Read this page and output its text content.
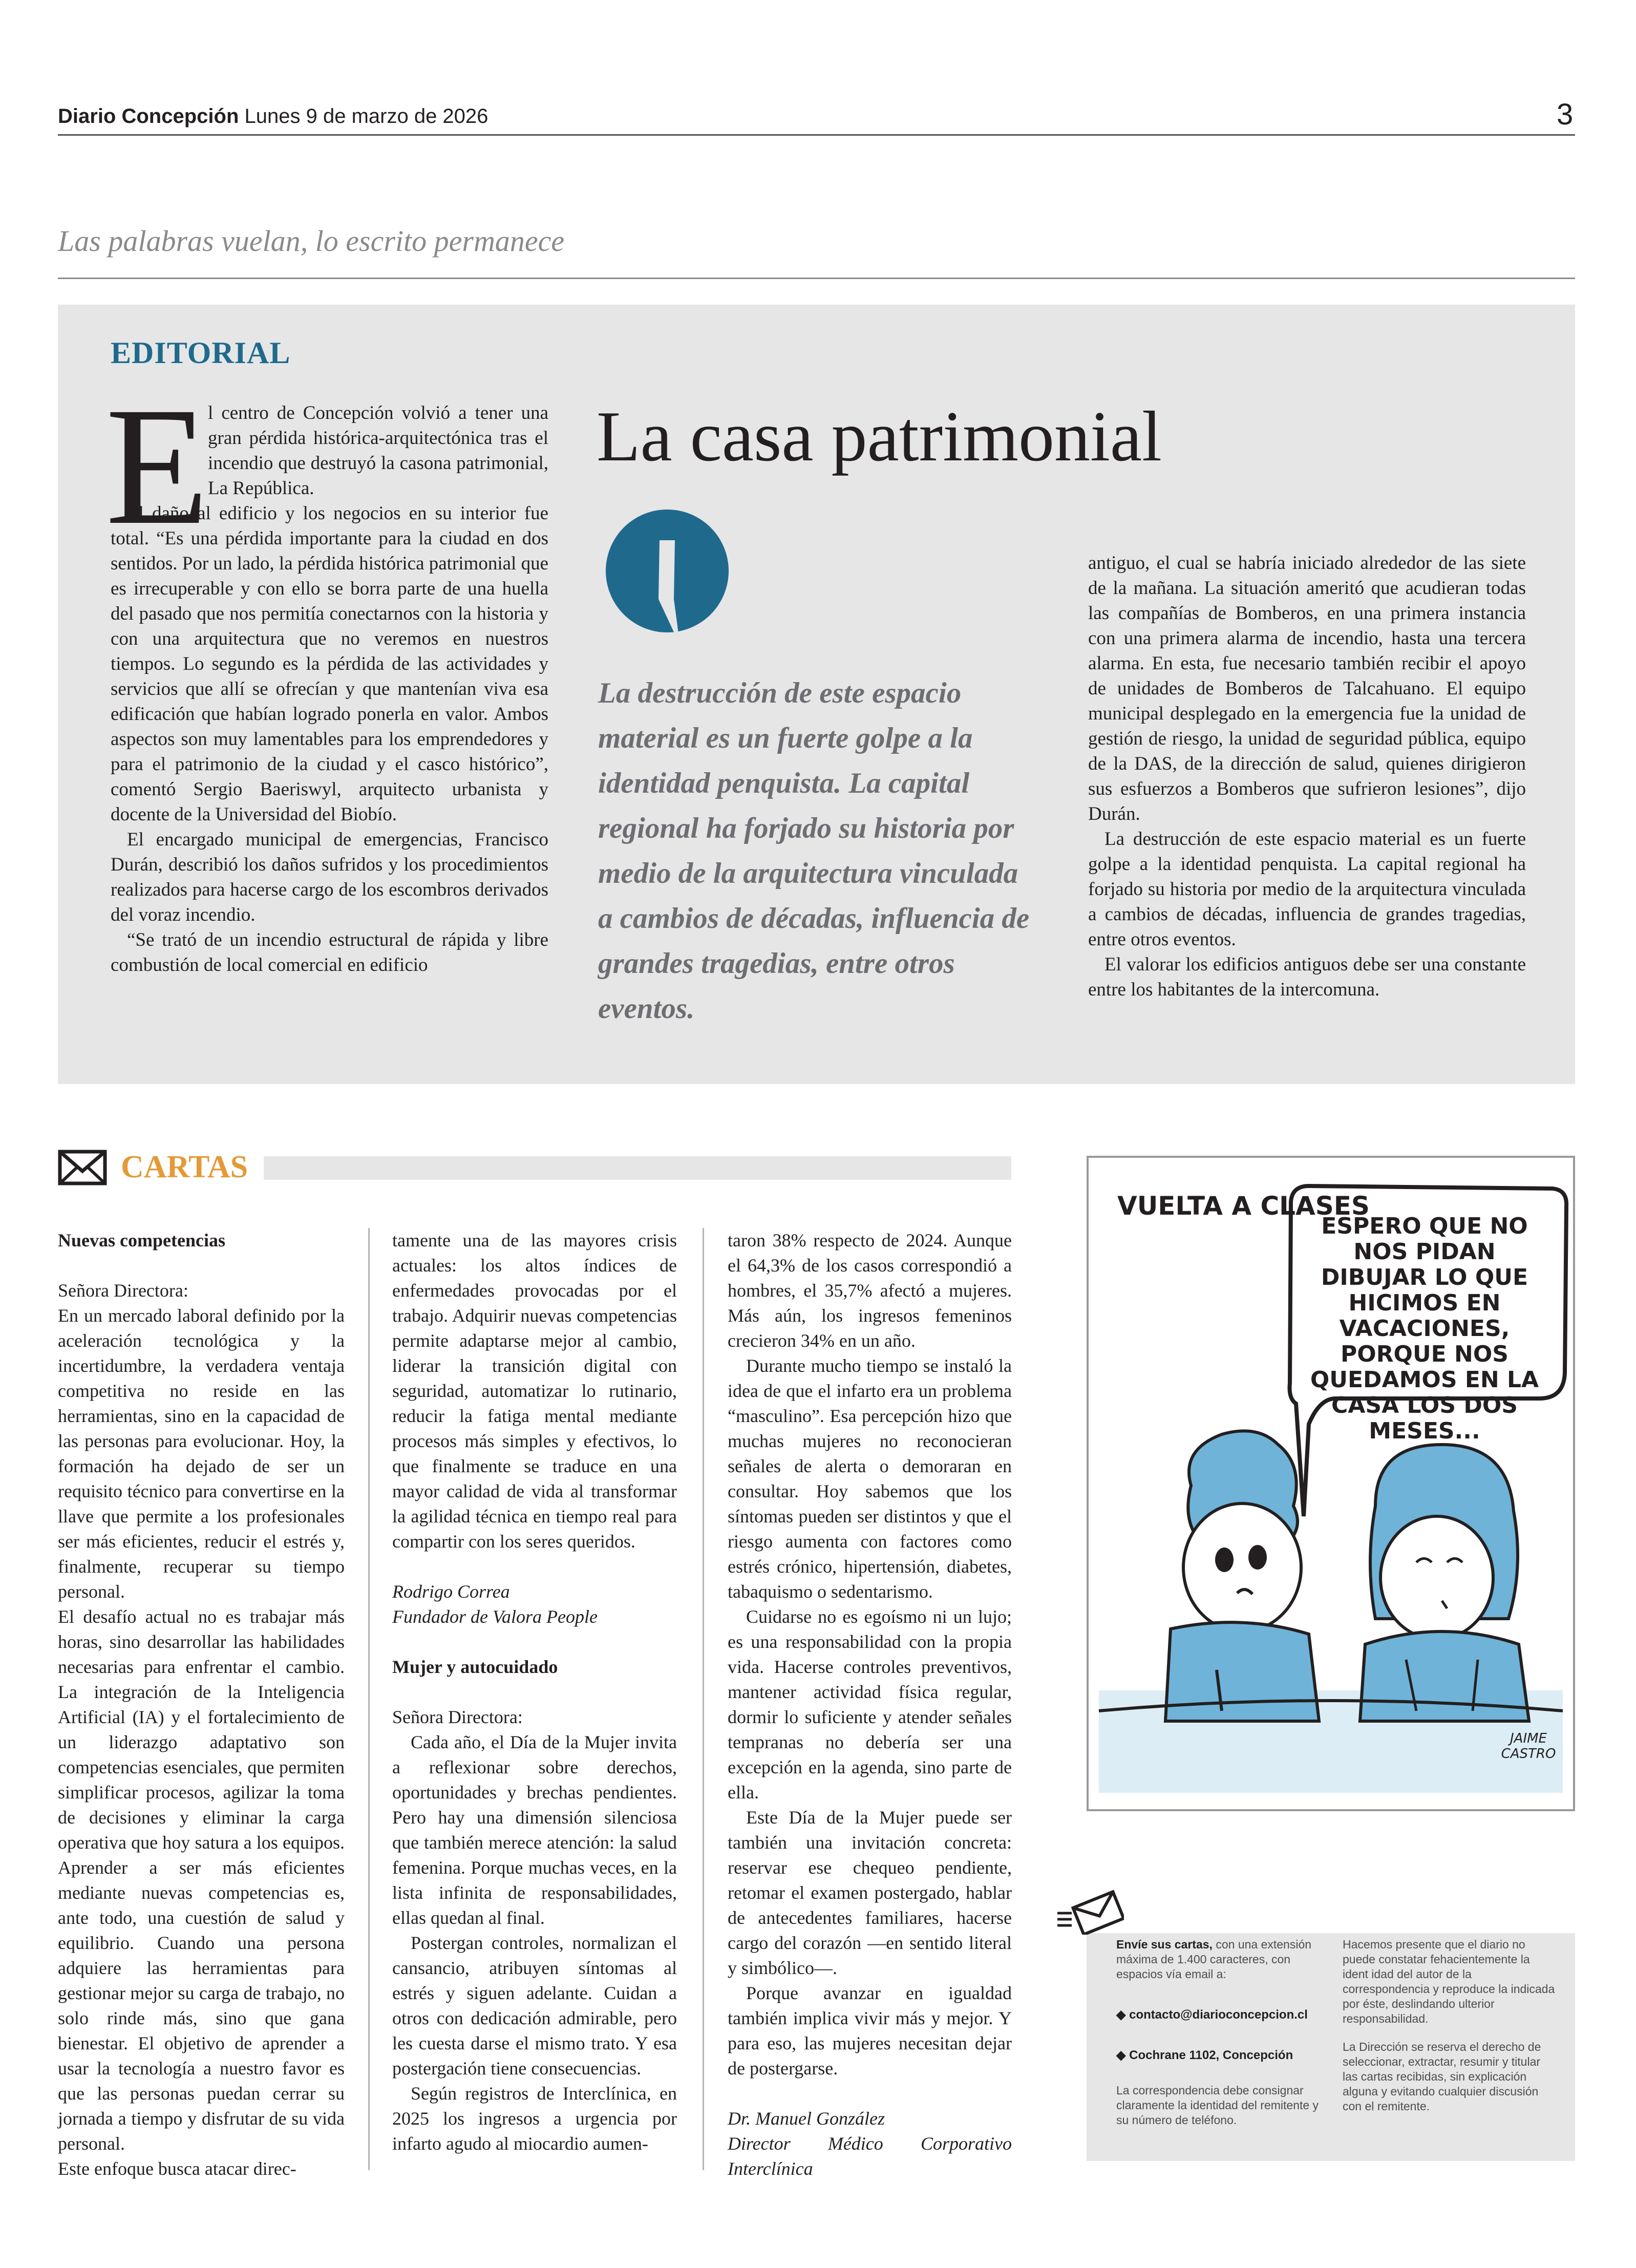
Diario Concepción Lunes 9 de marzo de 2026	3
Las palabras vuelan, lo escrito permanece
EDITORIAL
E

l centro de Concepción volvió a tener una gran pérdida histórica-arquitectónica tras el incendio que destruyó la casona patrimonial, La República.

El daño al edificio y los negocios en su interior fue total. “Es una pérdida importante para la ciudad en dos sentidos. Por un lado, la pérdida histórica patrimonial que es irrecuperable y con ello se borra parte de una huella del pasado que nos permitía conectarnos con la historia y con una arquitectura que no veremos en nuestros tiempos. Lo segundo es la pérdida de las actividades y servicios que allí se ofrecían y que mantenían viva esa edificación que habían logrado ponerla en valor. Ambos aspectos son muy lamentables para los emprendedores y para el patrimonio de la ciudad y el casco histórico”, comentó Sergio Baeriswyl, arquitecto urbanista y docente de la Universidad del Biobío.

El encargado municipal de emergencias, Francisco Durán, describió los daños sufridos y los procedimientos realizados para hacerse cargo de los escombros derivados del voraz incendio.

“Se trató de un incendio estructural de rápida y libre combustión de local comercial en edificio

La casa patrimonial
La destrucción de este espacio material es un fuerte golpe a la identidad penquista. La capital regional ha forjado su historia por medio de la arquitectura vinculada a cambios de décadas, influencia de grandes tragedias, entre otros eventos.

antiguo, el cual se habría iniciado alrededor de las siete de la mañana. La situación ameritó que acudieran todas las compañías de Bomberos, en una primera instancia con una primera alarma de incendio, hasta una tercera alarma. En esta, fue necesario también recibir el apoyo de unidades de Bomberos de Talcahuano. El equipo municipal desplegado en la emergencia fue la unidad de gestión de riesgo, la unidad de seguridad pública, equipo de la DAS, de la dirección de salud, quienes dirigieron sus esfuerzos a Bomberos que sufrieron lesiones”, dijo Durán.

La destrucción de este espacio material es un fuerte golpe a la identidad penquista. La capital regional ha forjado su historia por medio de la arquitectura vinculada a cambios de décadas, influencia de grandes tragedias, entre otros eventos.

El valorar los edificios antiguos debe ser una constante entre los habitantes de la intercomuna.

CARTAS

Nuevas competencias

Señora Directora:

En un mercado laboral definido por la aceleración tecnológica y la incertidumbre, la verdadera ventaja competitiva no reside en las herramientas, sino en la capacidad de las personas para evolucionar. Hoy, la formación ha dejado de ser un requisito técnico para convertirse en la llave que permite a los profesionales ser más eficientes, reducir el estrés y, finalmente, recuperar su tiempo personal.

El desafío actual no es trabajar más horas, sino desarrollar las habilidades necesarias para enfrentar el cambio. La integración de la Inteligencia Artificial (IA) y el fortalecimiento de un liderazgo adaptativo son competencias esenciales, que permiten simplificar procesos, agilizar la toma de decisiones y eliminar la carga operativa que hoy satura a los equipos. Aprender a ser más eficientes mediante nuevas competencias es, ante todo, una cuestión de salud y equilibrio. Cuando una persona adquiere las herramientas para gestionar mejor su carga de trabajo, no solo rinde más, sino que gana bienestar. El objetivo de aprender a usar la tecnología a nuestro favor es que las personas puedan cerrar su jornada a tiempo y disfrutar de su vida personal.

Este enfoque busca atacar direc-

tamente una de las mayores crisis actuales: los altos índices de enfermedades provocadas por el trabajo. Adquirir nuevas competencias permite adaptarse mejor al cambio, liderar la transición digital con seguridad, automatizar lo rutinario, reducir la fatiga mental mediante procesos más simples y efectivos, lo que finalmente se traduce en una mayor calidad de vida al transformar la agilidad técnica en tiempo real para compartir con los seres queridos.

Rodrigo Correa

Fundador de Valora People

Mujer y autocuidado

Señora Directora:

Cada año, el Día de la Mujer invita a reflexionar sobre derechos, oportunidades y brechas pendientes. Pero hay una dimensión silenciosa que también merece atención: la salud femenina. Porque muchas veces, en la lista infinita de responsabilidades, ellas quedan al final.

Postergan controles, normalizan el cansancio, atribuyen síntomas al estrés y siguen adelante. Cuidan a otros con dedicación admirable, pero les cuesta darse el mismo trato. Y esa postergación tiene consecuencias.

Según registros de Interclínica, en 2025 los ingresos a urgencia por infarto agudo al miocardio aumen-

taron 38% respecto de 2024. Aunque el 64,3% de los casos correspondió a hombres, el 35,7% afectó a mujeres. Más aún, los ingresos femeninos crecieron 34% en un año.

Durante mucho tiempo se instaló la idea de que el infarto era un problema “masculino”. Esa percepción hizo que muchas mujeres no reconocieran señales de alerta o demoraran en consultar. Hoy sabemos que los síntomas pueden ser distintos y que el riesgo aumenta con factores como estrés crónico, hipertensión, diabetes, tabaquismo o sedentarismo.

Cuidarse no es egoísmo ni un lujo; es una responsabilidad con la propia vida. Hacerse controles preventivos, mantener actividad física regular, dormir lo suficiente y atender señales tempranas no debería ser una excepción en la agenda, sino parte de ella.

Este Día de la Mujer puede ser también una invitación concreta: reservar ese chequeo pendiente, retomar el examen postergado, hablar de antecedentes familiares, hacerse cargo del corazón —en sentido literal y simbólico—.

Porque avanzar en igualdad también implica vivir más y mejor. Y para eso, las mujeres necesitan dejar de postergarse.

Dr. Manuel González

Director Médico Corporativo Interclínica

VUELTA A CLASES
ESPERO QUE NO NOS PIDAN DIBUJAR LO QUE HICIMOS EN VACACIONES, PORQUE NOS QUEDAMOS EN LA CASA LOS DOS MESES...
JAIME CASTRO
Envíe sus cartas, con una extensión máxima de 1.400 caracteres, con espacios vía email a:
◆ contacto@diarioconcepcion.cl
◆ Cochrane 1102, Concepción
La correspondencia debe consignar claramente la identidad del remitente y su número de teléfono.
Hacemos presente que el diario no puede constatar fehacientemente la ident idad del autor de la correspondencia y reproduce la indicada por éste, deslindando ulterior responsabilidad.
La Dirección se reserva el derecho de seleccionar, extractar, resumir y titular las cartas recibidas, sin explicación alguna y evitando cualquier discusión con el remitente.
